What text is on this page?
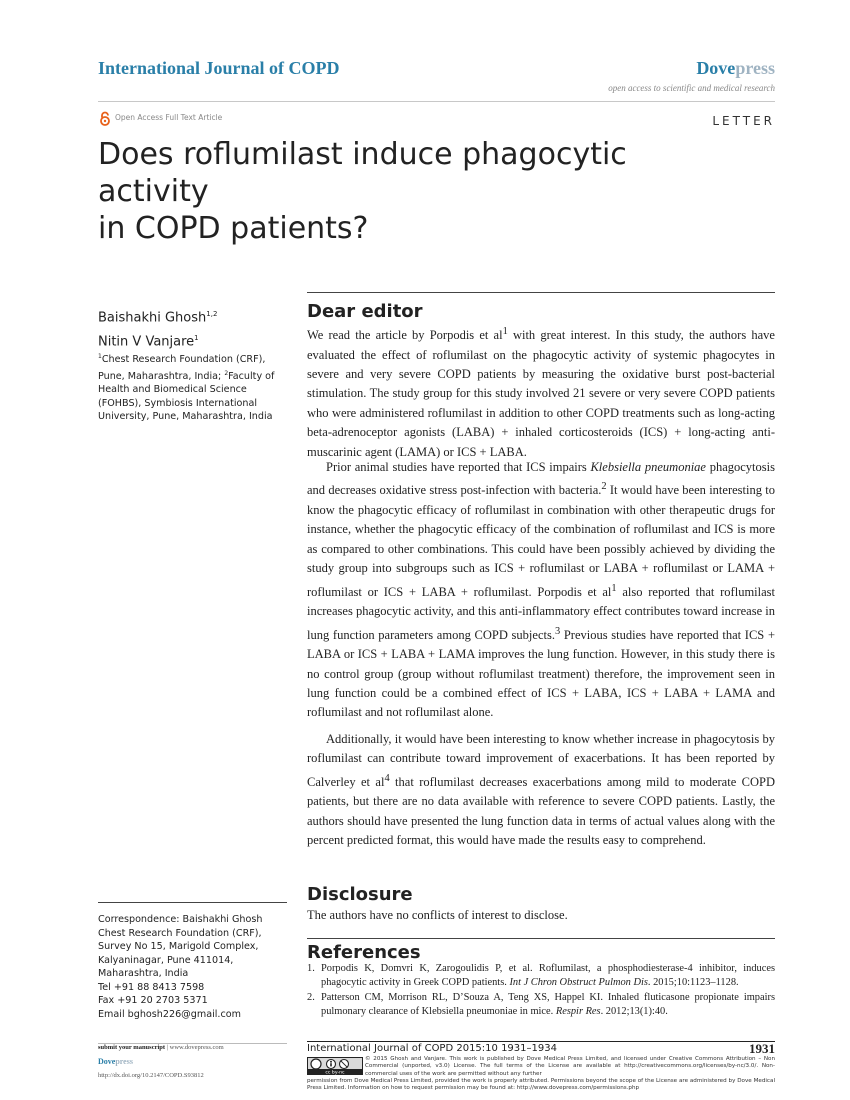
International Journal of COPD	Dovepress
open access to scientific and medical research
Open Access Full Text Article	LETTER
Does roflumilast induce phagocytic activity
in COPD patients?
Baishakhi Ghosh$^{1,2}$
Nitin V Vanjare$^1$
$^1$Chest Research Foundation (CRF), Pune, Maharashtra, India; $^2$Faculty of Health and Biomedical Science (FOHBS), Symbiosis International University, Pune, Maharashtra, India
Correspondence: Baishakhi Ghosh
Chest Research Foundation (CRF),
Survey No 15, Marigold Complex,
Kalyaninagar, Pune 411014,
Maharashtra, India
Tel +91 88 8413 7598
Fax +91 20 2703 5371
Email bghosh226@gmail.com
Dear editor

We read the article by Porpodis et $al^1$ with great interest. In this study, the authors have evaluated the effect of roflumilast on the phagocytic activity of systemic phagocytes in severe and very severe COPD patients by measuring the oxidative burst post-bacterial stimulation. The study group for this study involved 21 severe or very severe COPD patients who were administered roflumilast in addition to other COPD treatments such as long-acting beta-adrenoceptor agonists (LABA) + inhaled corticosteroids (ICS) + long-acting anti-muscarinic agent (LAMA) or ICS + LABA.

Prior animal studies have reported that ICS impairs Klebsiella pneumoniae phagocytosis and decreases oxidative stress post-infection with bacteria.$^2$ It would have been interesting to know the phagocytic efficacy of roflumilast in combination with other therapeutic drugs for instance, whether the phagocytic efficacy of the combination of roflumilast and ICS is more as compared to other combinations. This could have been possibly achieved by dividing the study group into subgroups such as ICS + roflumilast or LABA + roflumilast or LAMA + roflumilast or ICS + LABA + roflumilast. Porpodis et $al^1$ also reported that roflumilast increases phagocytic activity, and this anti-inflammatory effect contributes toward increase in lung function parameters among COPD subjects.$^3$ Previous studies have reported that ICS + LABA or ICS + LABA + LAMA improves the lung function. However, in this study there is no control group (group without roflumilast treatment) therefore, the improvement seen in lung function could be a combined effect of ICS + LABA, ICS + LABA + LAMA and roflumilast and not roflumilast alone.

Additionally, it would have been interesting to know whether increase in phagocytosis by roflumilast can contribute toward improvement of exacerbations. It has been reported by Calverley et $al^4$ that roflumilast decreases exacerbations among mild to moderate COPD patients, but there are no data available with reference to severe COPD patients. Lastly, the authors should have presented the lung function data in terms of actual values along with the percent predicted format, this would have made the results easy to comprehend.

Disclosure

The authors have no conflicts of interest to disclose.

References

1. Porpodis K, Domvri K, Zarogoulidis P, et al. Roflumilast, a phosphodiesterase-4 inhibitor, induces phagocytic activity in Greek COPD patients. Int J Chron Obstruct Pulmon Dis. 2015;10:1123–1128.

2. Patterson CM, Morrison RL, D’Souza A, Teng XS, Happel KI. Inhaled fluticasone propionate impairs pulmonary clearance of Klebsiella pneumoniae in mice. Respir Res. 2012;13(1):40.

submit your manuscript | www.dovepress.com
Dovepress
http://dx.doi.org/10.2147/COPD.S93812
International Journal of COPD 2015:10 1931–1934	1931
cc by-nc
© 2015 Ghosh and Vanjare. This work is published by Dove Medical Press Limited, and licensed under Creative Commons Attribution – Non Commercial (unported, v3.0) License. The full terms of the License are available at http://creativecommons.org/licenses/by-nc/3.0/. Non-commercial uses of the work are permitted without any further
permission from Dove Medical Press Limited, provided the work is properly attributed. Permissions beyond the scope of the License are administered by Dove Medical Press Limited. Information on how to request permission may be found at: http://www.dovepress.com/permissions.php
